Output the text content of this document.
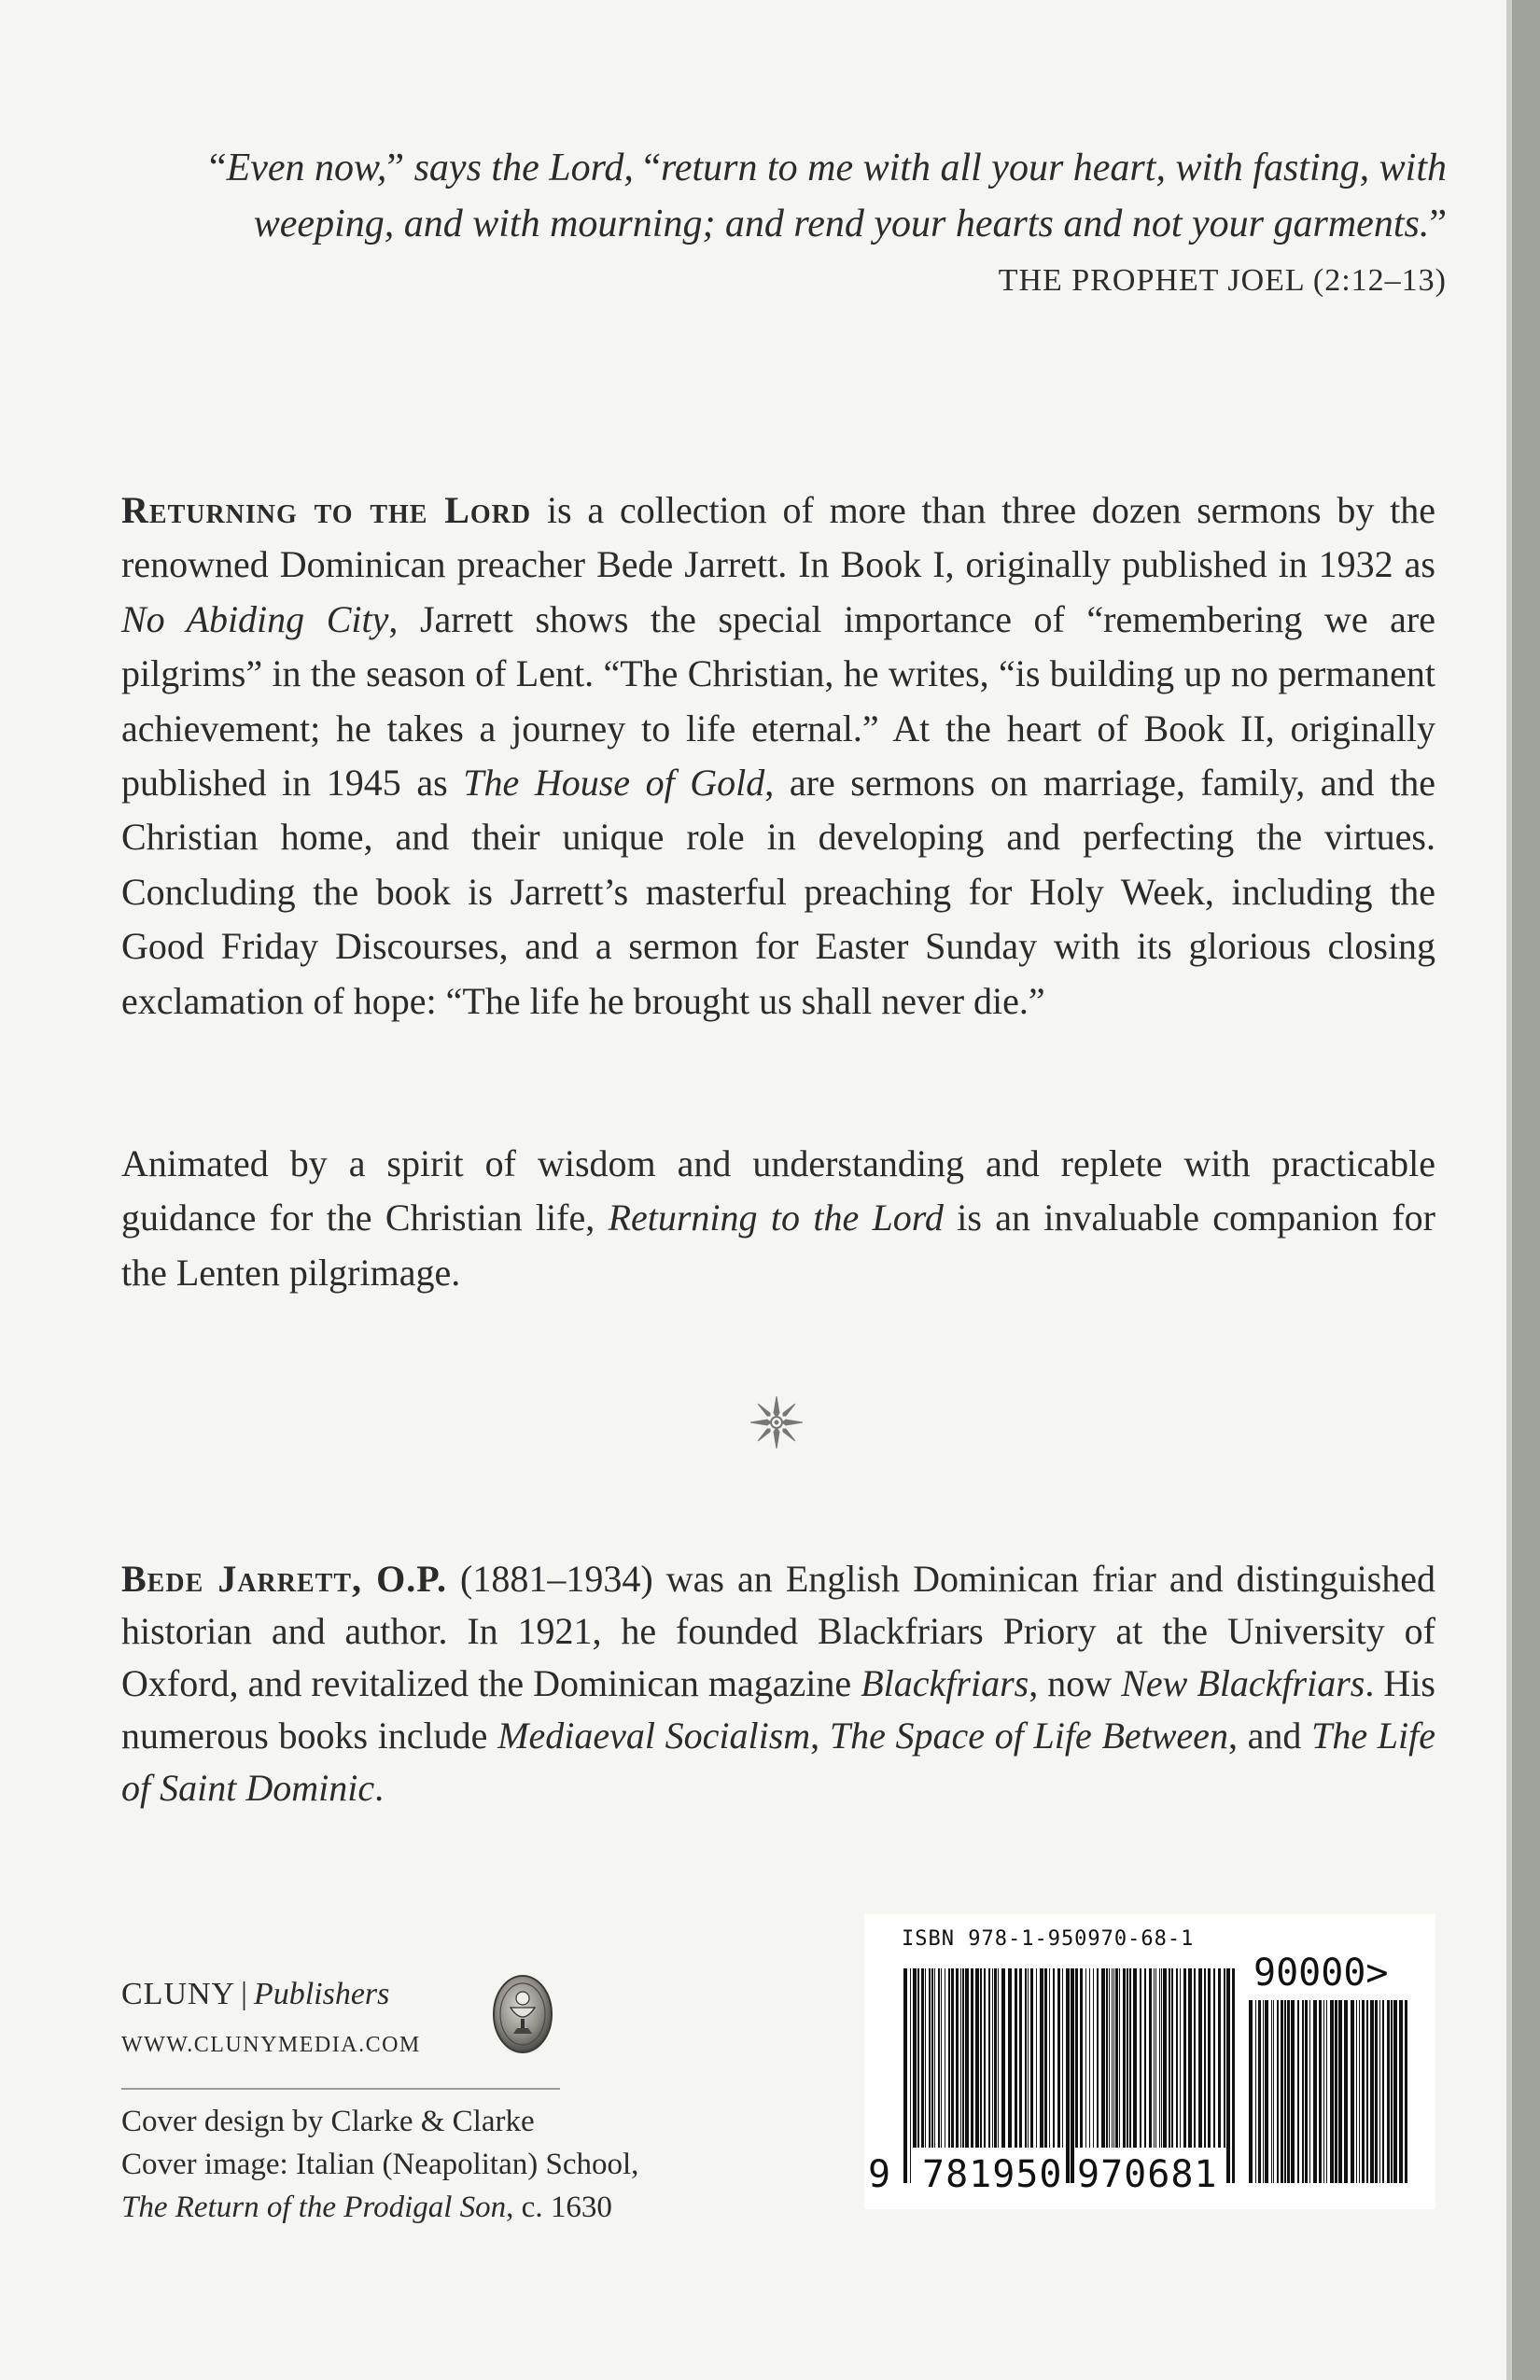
“Even now,” says the Lord, “return to me with all your heart, with fasting, with weeping, and with mourning; and rend your hearts and not your garments.”

THE PROPHET JOEL (2:12–13)

Returning to the Lord is a collection of more than three dozen sermons by the renowned Dominican preacher Bede Jarrett. In Book I, originally published in 1932 as No Abiding City, Jarrett shows the special importance of “remembering we are pilgrims” in the season of Lent. “The Christian, he writes, “is building up no permanent achievement; he takes a journey to life eternal.” At the heart of Book II, originally published in 1945 as The House of Gold, are sermons on marriage, family, and the Christian home, and their unique role in developing and perfecting the virtues. Concluding the book is Jarrett’s masterful preaching for Holy Week, including the Good Friday Discourses, and a sermon for Easter Sunday with its glorious closing exclamation of hope: “The life he brought us shall never die.”

Animated by a spirit of wisdom and understanding and replete with practicable guidance for the Christian life, Returning to the Lord is an invaluable companion for the Lenten pilgrimage.

Bede Jarrett, O.P. (1881–1934) was an English Dominican friar and distinguished historian and author. In 1921, he founded Blackfriars Priory at the University of Oxford, and revitalized the Dominican magazine Blackfriars, now New Blackfriars. His numerous books include Mediaeval Socialism, The Space of Life Between, and The Life of Saint Dominic.

CLUNY | Publishers
WWW.CLUNYMEDIA.COM
Cover design by Clarke & Clarke
Cover image: Italian (Neapolitan) School,
The Return of the Prodigal Son, c. 1630
ISBN 978-1-950970-68-1
90000>
9 781950 970681
